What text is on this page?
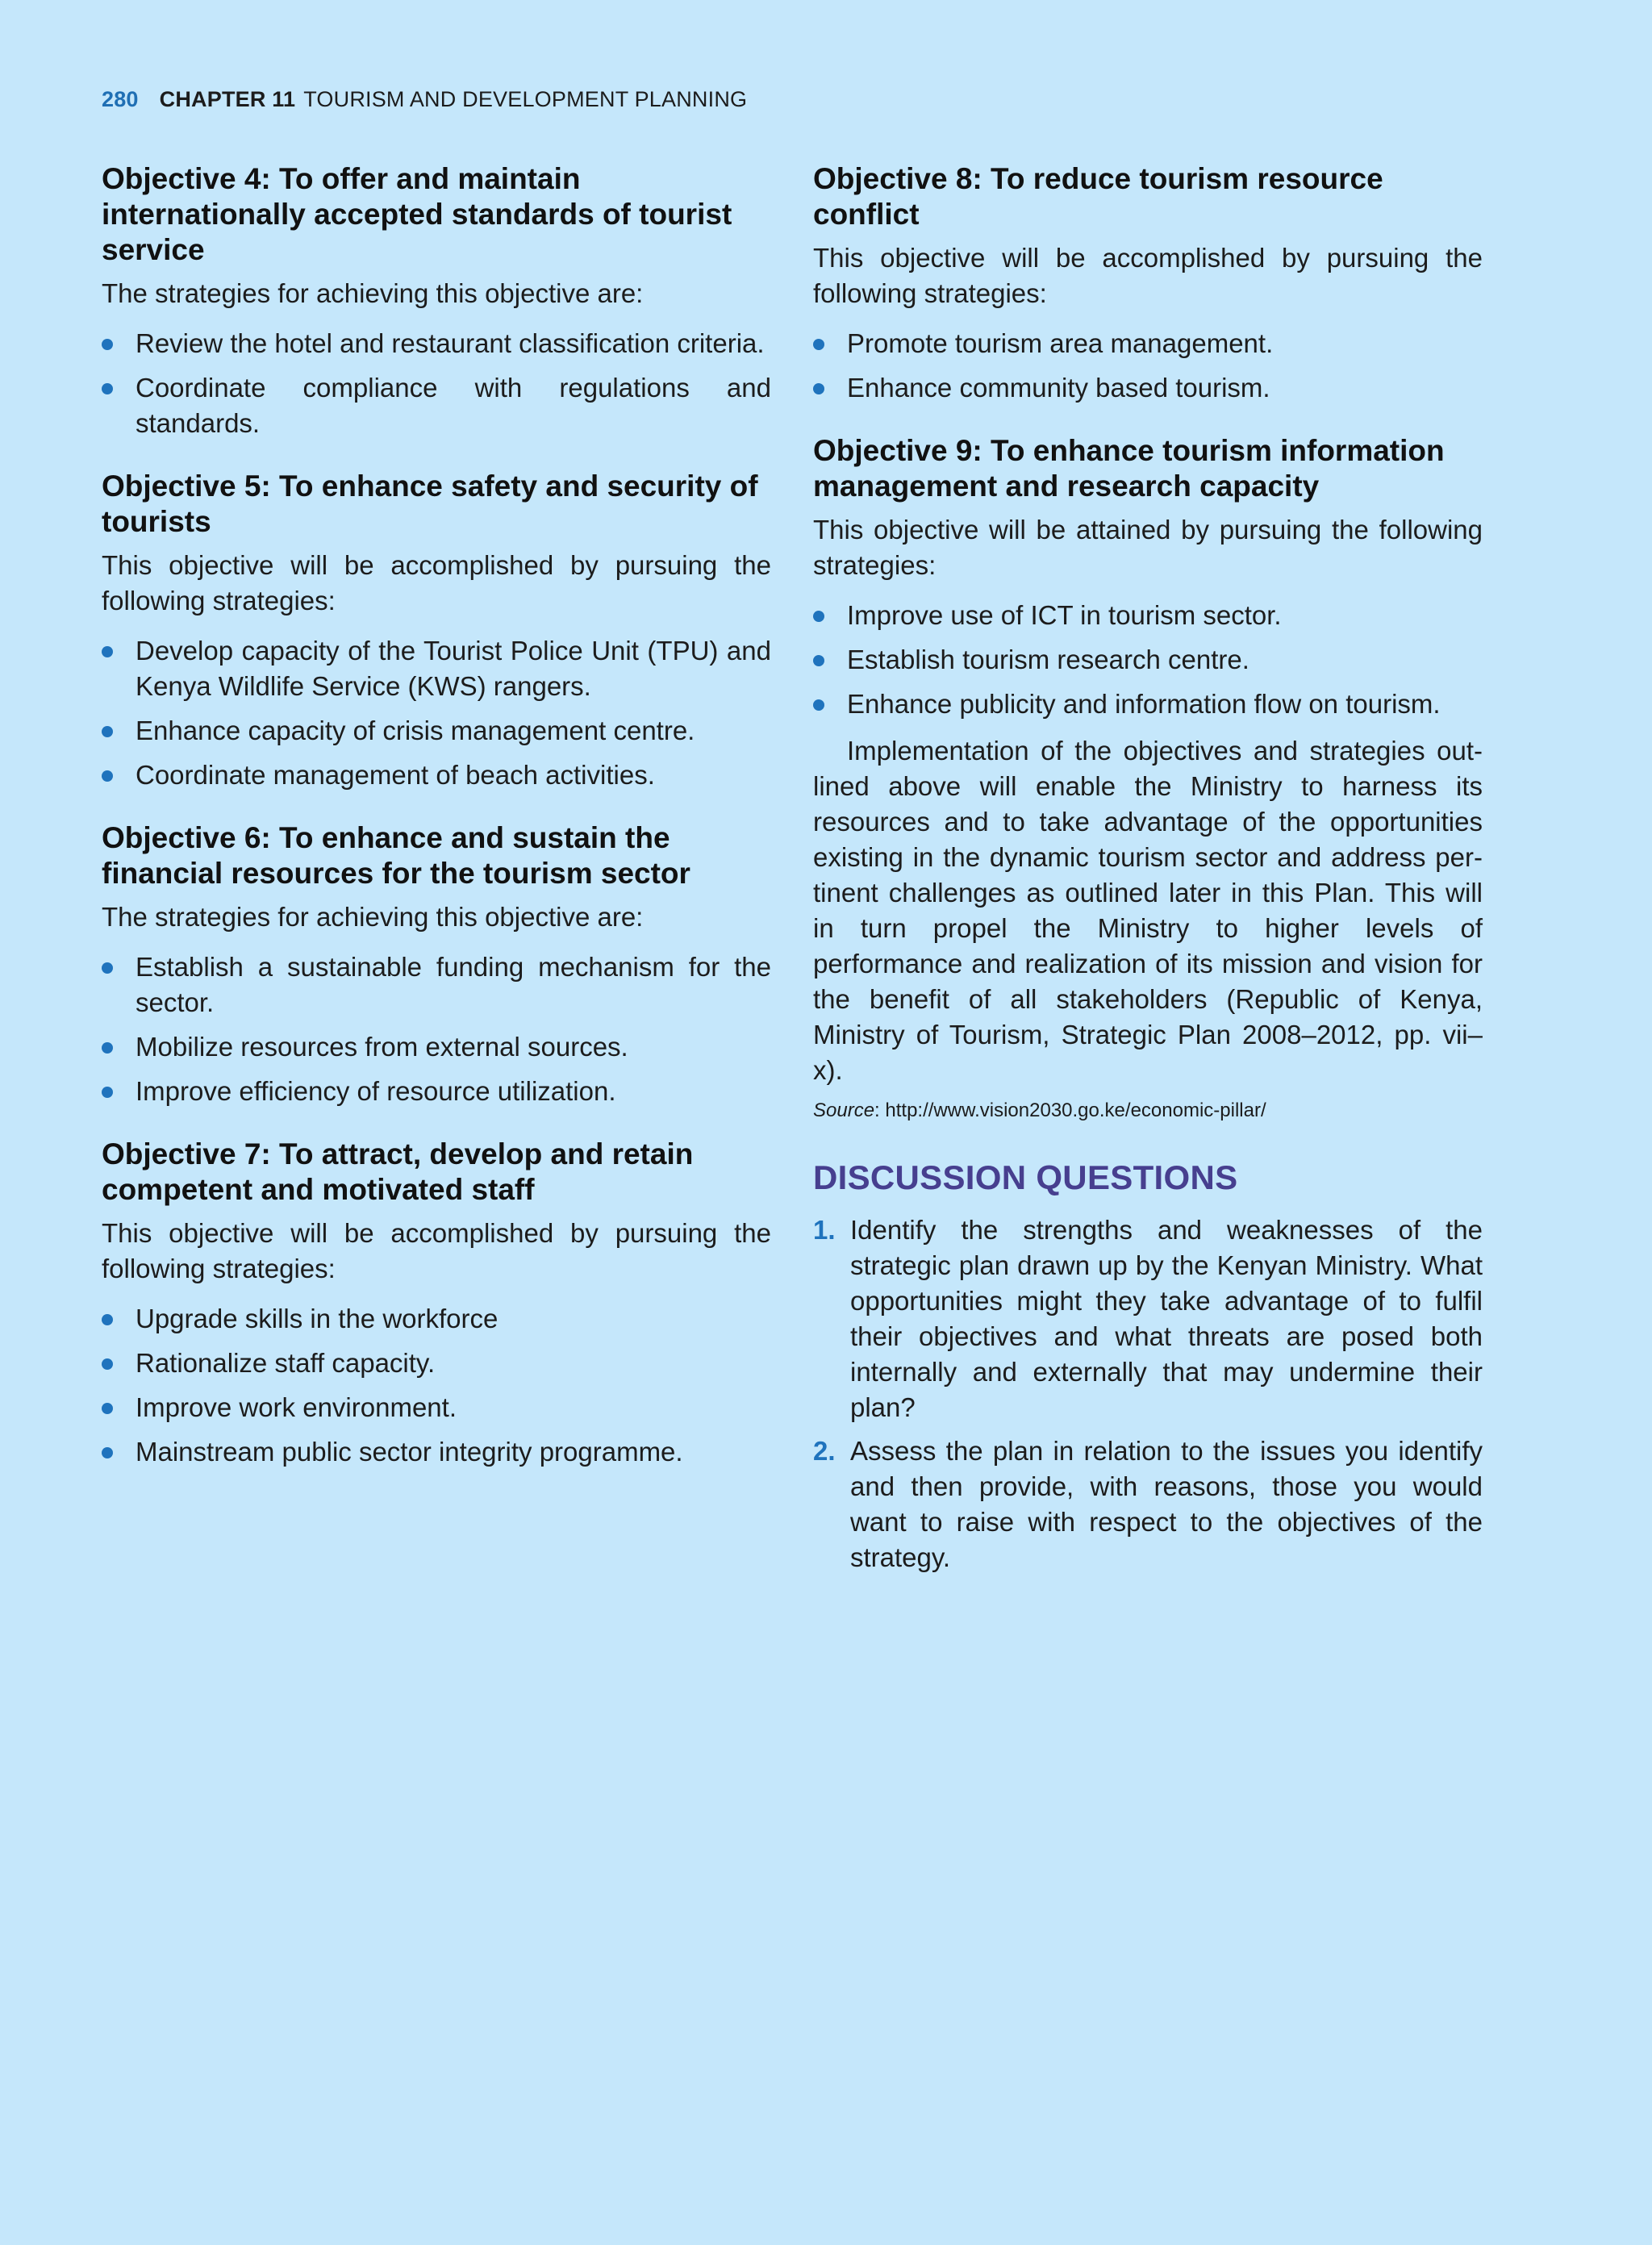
280 CHAPTER 11 TOURISM AND DEVELOPMENT PLANNING
Objective 4: To offer and maintain internationally accepted standards of tourist service

The strategies for achieving this objective are:

Review the hotel and restaurant classification criteria.
Coordinate compliance with regulations and standards.
Objective 5: To enhance safety and security of tourists

This objective will be accomplished by pursuing the following strategies:

Develop capacity of the Tourist Police Unit (TPU) and Kenya Wildlife Service (KWS) rangers.
Enhance capacity of crisis management centre.
Coordinate management of beach activities.
Objective 6: To enhance and sustain the financial resources for the tourism sector

The strategies for achieving this objective are:

Establish a sustainable funding mechanism for the sector.
Mobilize resources from external sources.
Improve efficiency of resource utilization.
Objective 7: To attract, develop and retain competent and motivated staff

This objective will be accomplished by pursuing the following strategies:

Upgrade skills in the workforce
Rationalize staff capacity.
Improve work environment.
Mainstream public sector integrity programme.
Objective 8: To reduce tourism resource conflict

This objective will be accomplished by pursuing the following strategies:

Promote tourism area management.
Enhance community based tourism.
Objective 9: To enhance tourism information management and research capacity

This objective will be attained by pursuing the following strategies:

Improve use of ICT in tourism sector.
Establish tourism research centre.
Enhance publicity and information flow on tourism.

Implementation of the objectives and strategies outlined above will enable the Ministry to harness its resources and to take advantage of the opportunities existing in the dynamic tourism sector and address pertinent challenges as outlined later in this Plan. This will in turn propel the Ministry to higher levels of performance and realization of its mission and vision for the benefit of all stakeholders (Republic of Kenya, Ministry of Tourism, Strategic Plan 2008–2012, pp. vii–x).

Source: http://www.vision2030.go.ke/economic-pillar/

DISCUSSION QUESTIONS
1. Identify the strengths and weaknesses of the strategic plan drawn up by the Kenyan Ministry. What opportunities might they take advantage of to fulfil their objectives and what threats are posed both internally and externally that may undermine their plan?
2. Assess the plan in relation to the issues you identify and then provide, with reasons, those you would want to raise with respect to the objectives of the strategy.
